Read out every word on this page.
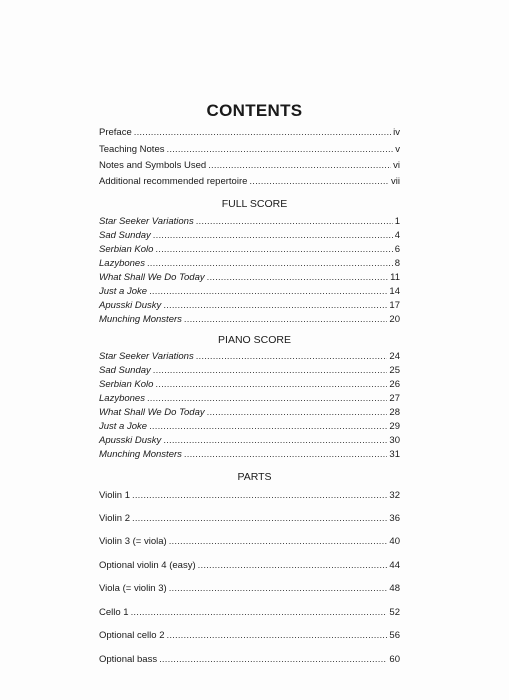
CONTENTS
Preface .....	iv
Teaching Notes .....	v
Notes and Symbols Used .....	vi
Additional recommended repertoire .....	vii
FULL SCORE
Star Seeker Variations .....	1
Sad Sunday .....	4
Serbian Kolo .....	6
Lazybones .....	8
What Shall We Do Today .....	11
Just a Joke .....	14
Apusski Dusky .....	17
Munching Monsters .....	20
PIANO SCORE
Star Seeker Variations .....	24
Sad Sunday .....	25
Serbian Kolo .....	26
Lazybones .....	27
What Shall We Do Today .....	28
Just a Joke .....	29
Apusski Dusky .....	30
Munching Monsters .....	31
PARTS
Violin 1 .....	32
Violin 2 .....	36
Violin 3 (= viola) .....	40
Optional violin 4 (easy) .....	44
Viola (= violin 3) .....	48
Cello 1 .....	52
Optional cello 2 .....	56
Optional bass .....	60
